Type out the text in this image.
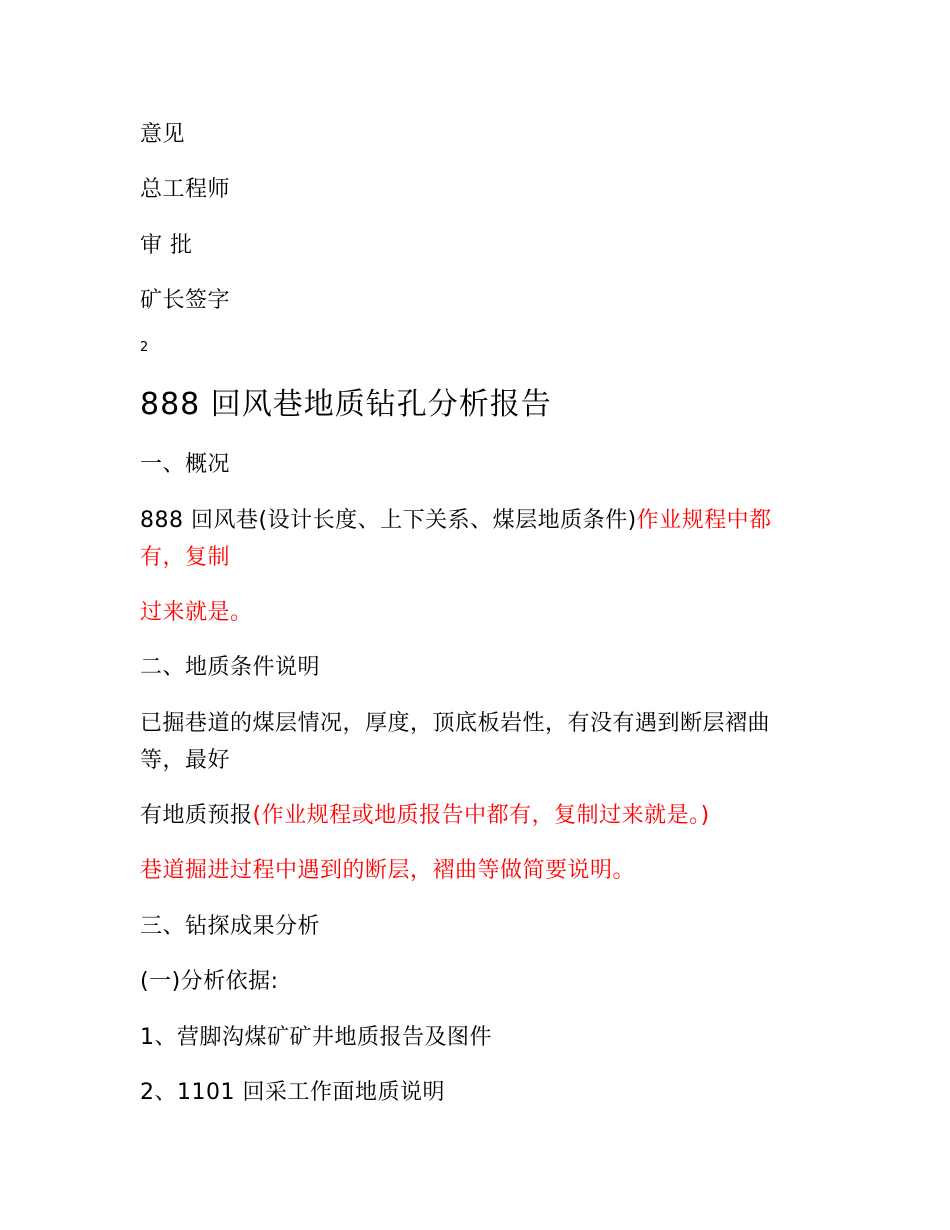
意见
总工程师
审 批
矿长签字
2
888 回风巷地质钻孔分析报告
一、概况
888 回风巷(设计长度、上下关系、煤层地质条件)作业规程中都有，复制
过来就是。
二、地质条件说明
已掘巷道的煤层情况，厚度，顶底板岩性，有没有遇到断层褶曲等，最好
有地质预报(作业规程或地质报告中都有，复制过来就是。)
巷道掘进过程中遇到的断层，褶曲等做简要说明。
三、钻探成果分析
(一)分析依据:
1、营脚沟煤矿矿井地质报告及图件
2、1101 回采工作面地质说明
